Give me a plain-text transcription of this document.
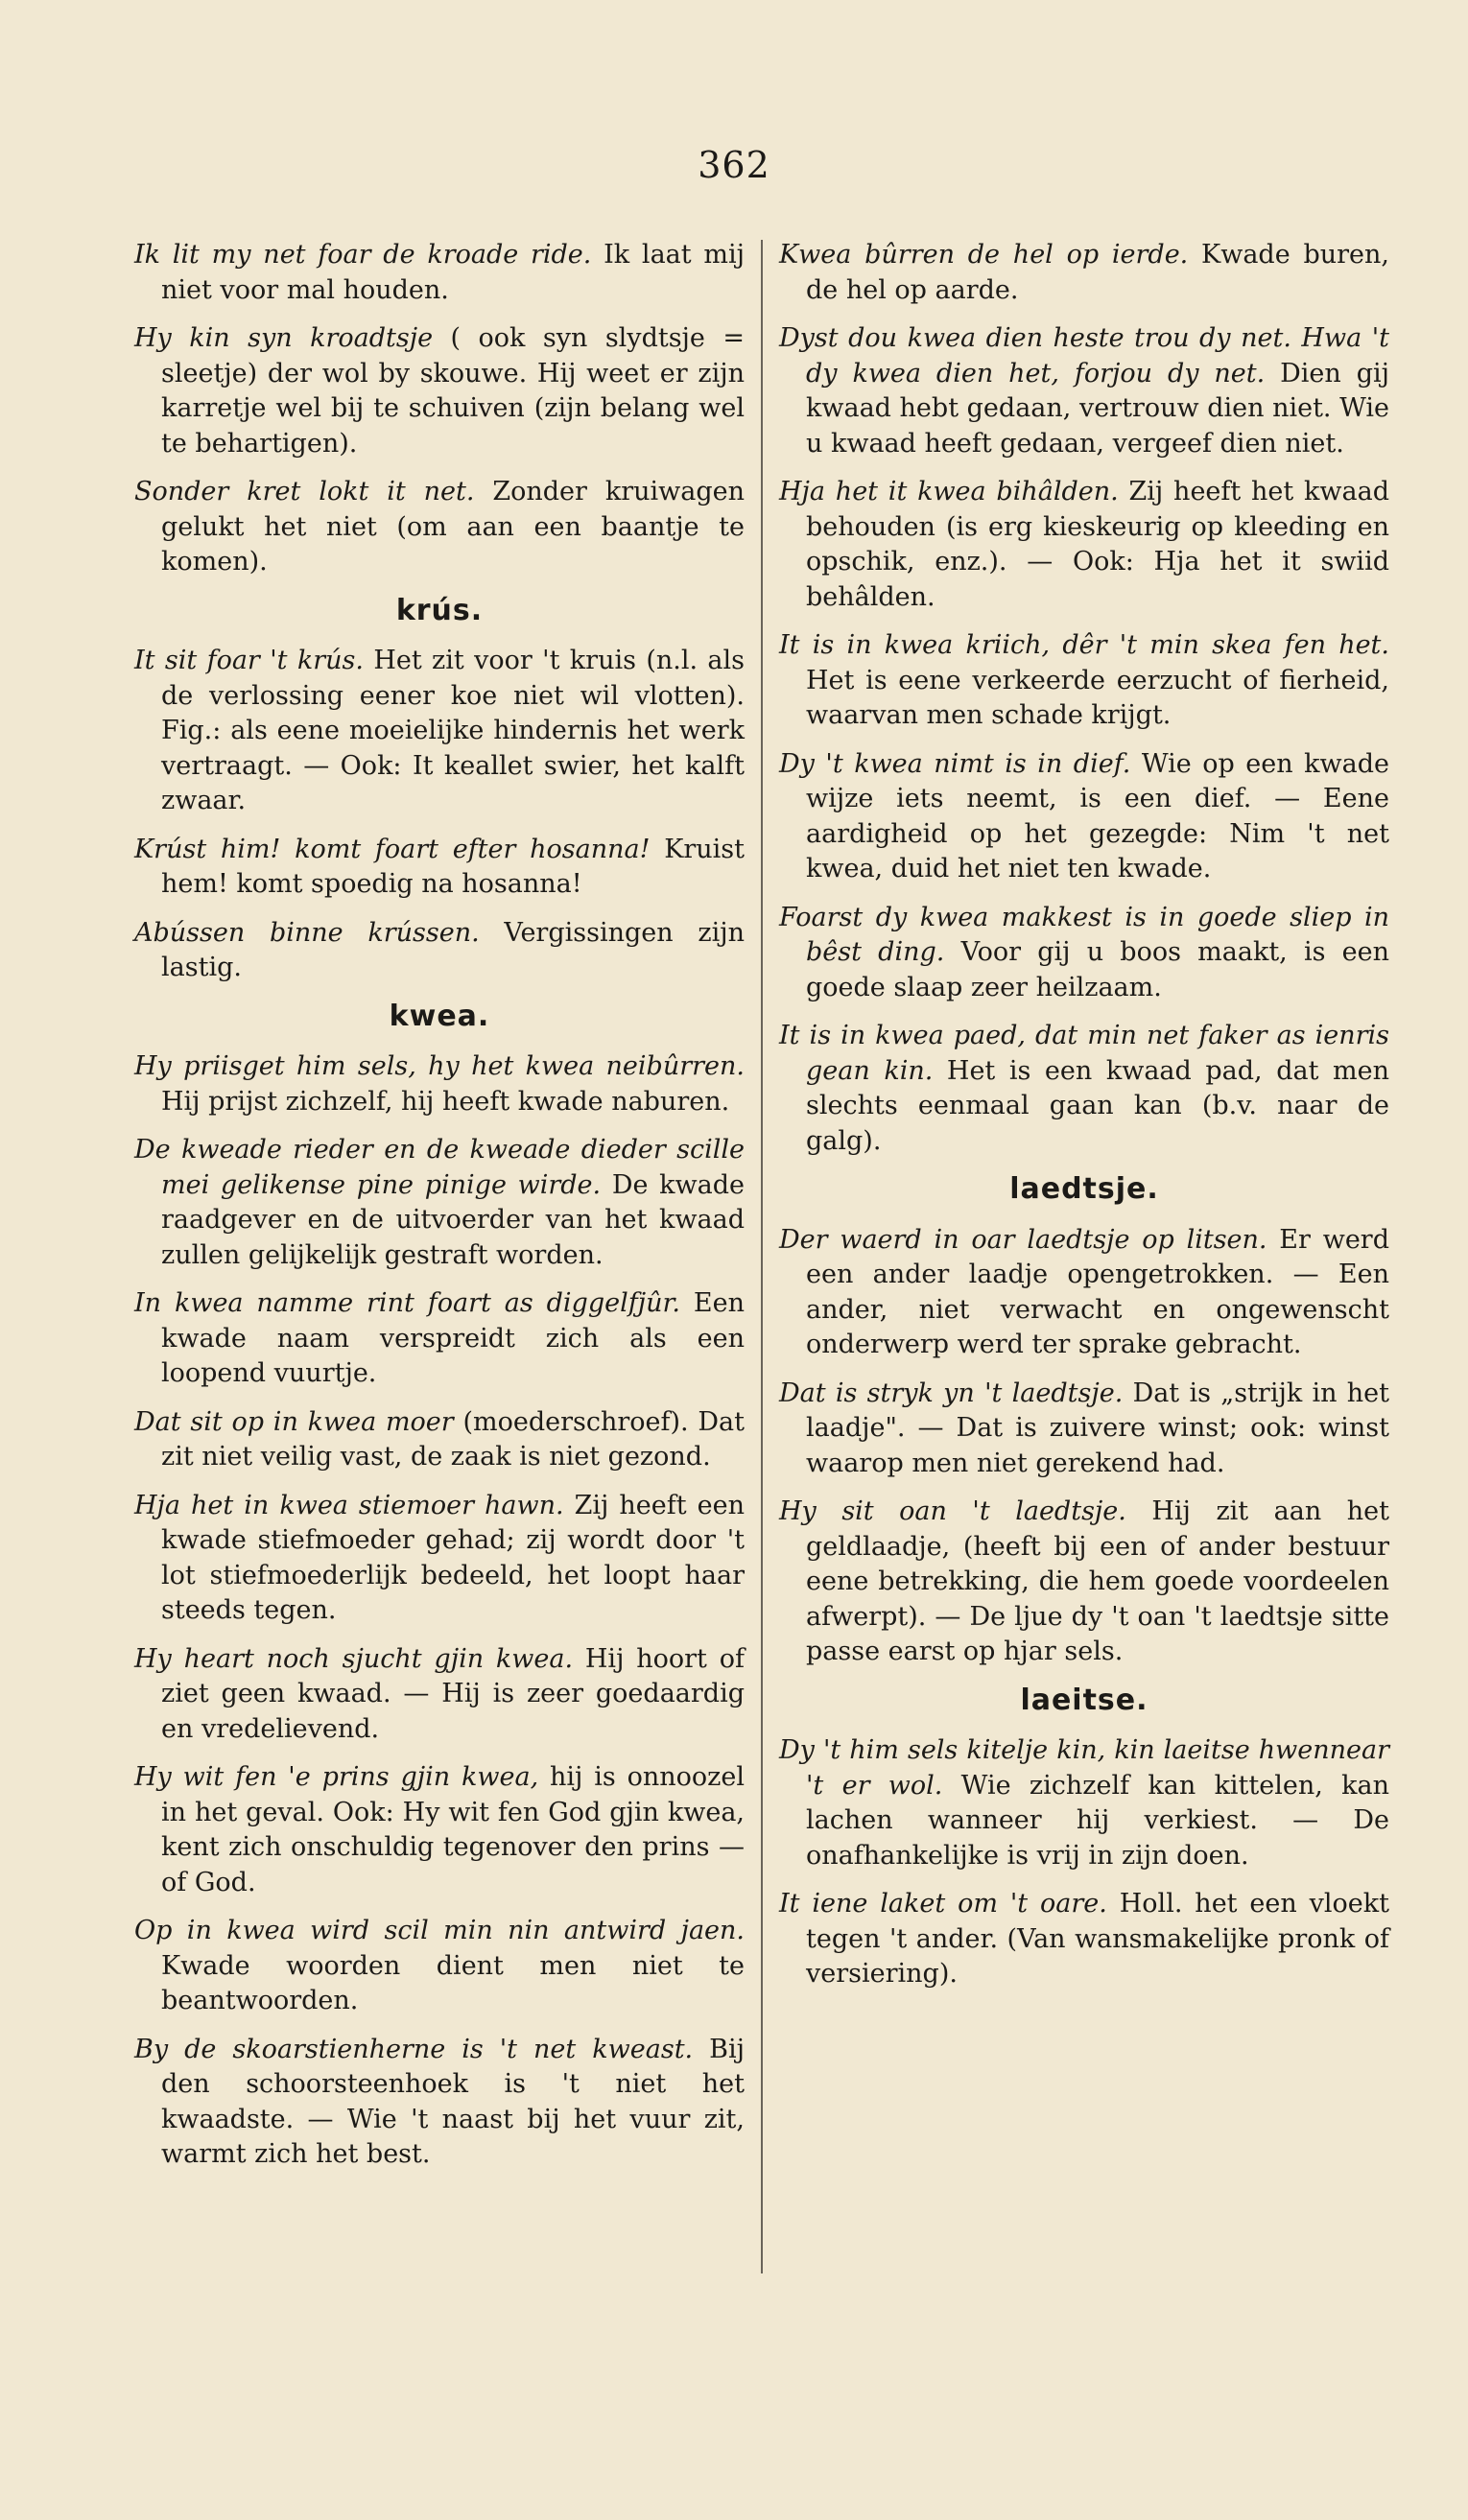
362
Ik lit my net foar de kroade ride. Ik laat mij niet voor mal houden.
Hy kin syn kroadtsje ( ook syn slydtsje = sleetje) der wol by skouwe. Hij weet er zijn karretje wel bij te schuiven (zijn belang wel te behartigen).
Sonder kret lokt it net. Zonder kruiwagen gelukt het niet (om aan een baantje te komen).
krús.
It sit foar 't krús. Het zit voor 't kruis (n.l. als de verlossing eener koe niet wil vlotten). Fig.: als eene moeielijke hindernis het werk vertraagt. — Ook: It keallet swier, het kalft zwaar.
Krúst him! komt foart efter hosanna! Kruist hem! komt spoedig na hosanna!
Abússen binne krússen. Vergissingen zijn lastig.
kwea.
Hy priisget him sels, hy het kwea neibûrren. Hij prijst zichzelf, hij heeft kwade naburen.
De kweade rieder en de kweade dieder scille mei gelikense pine pinige wirde. De kwade raadgever en de uitvoerder van het kwaad zullen gelijkelijk gestraft worden.
In kwea namme rint foart as diggelfjûr. Een kwade naam verspreidt zich als een loopend vuurtje.
Dat sit op in kwea moer (moederschroef). Dat zit niet veilig vast, de zaak is niet gezond.
Hja het in kwea stiemoer hawn. Zij heeft een kwade stiefmoeder gehad; zij wordt door 't lot stiefmoederlijk bedeeld, het loopt haar steeds tegen.
Hy heart noch sjucht gjin kwea. Hij hoort of ziet geen kwaad. — Hij is zeer goedaardig en vredelievend.
Hy wit fen 'e prins gjin kwea, hij is onnoozel in het geval. Ook: Hy wit fen God gjin kwea, kent zich onschuldig tegenover den prins — of God.
Op in kwea wird scil min nin antwird jaen. Kwade woorden dient men niet te beantwoorden.
By de skoarstienherne is 't net kweast. Bij den schoorsteenhoek is 't niet het kwaadste. — Wie 't naast bij het vuur zit, warmt zich het best.
Kwea bûrren de hel op ierde. Kwade buren, de hel op aarde.
Dyst dou kwea dien heste trou dy net. Hwa 't dy kwea dien het, forjou dy net. Dien gij kwaad hebt gedaan, vertrouw dien niet. Wie u kwaad heeft gedaan, vergeef dien niet.
Hja het it kwea bihâlden. Zij heeft het kwaad behouden (is erg kieskeurig op kleeding en opschik, enz.). — Ook: Hja het it swiid behâlden.
It is in kwea kriich, dêr 't min skea fen het. Het is eene verkeerde eerzucht of fierheid, waarvan men schade krijgt.
Dy 't kwea nimt is in dief. Wie op een kwade wijze iets neemt, is een dief. — Eene aardigheid op het gezegde: Nim 't net kwea, duid het niet ten kwade.
Foarst dy kwea makkest is in goede sliep in bêst ding. Voor gij u boos maakt, is een goede slaap zeer heilzaam.
It is in kwea paed, dat min net faker as ienris gean kin. Het is een kwaad pad, dat men slechts eenmaal gaan kan (b.v. naar de galg).
laedtsje.
Der waerd in oar laedtsje op litsen. Er werd een ander laadje opengetrokken. — Een ander, niet verwacht en ongewenscht onderwerp werd ter sprake gebracht.
Dat is stryk yn 't laedtsje. Dat is „strijk in het laadje". — Dat is zuivere winst; ook: winst waarop men niet gerekend had.
Hy sit oan 't laedtsje. Hij zit aan het geldlaadje, (heeft bij een of ander bestuur eene betrekking, die hem goede voordeelen afwerpt). — De ljue dy 't oan 't laedtsje sitte passe earst op hjar sels.
laeitse.
Dy 't him sels kitelje kin, kin laeitse hwennear 't er wol. Wie zichzelf kan kittelen, kan lachen wanneer hij verkiest. — De onafhankelijke is vrij in zijn doen.
It iene laket om 't oare. Holl. het een vloekt tegen 't ander. (Van wansmakelijke pronk of versiering).
